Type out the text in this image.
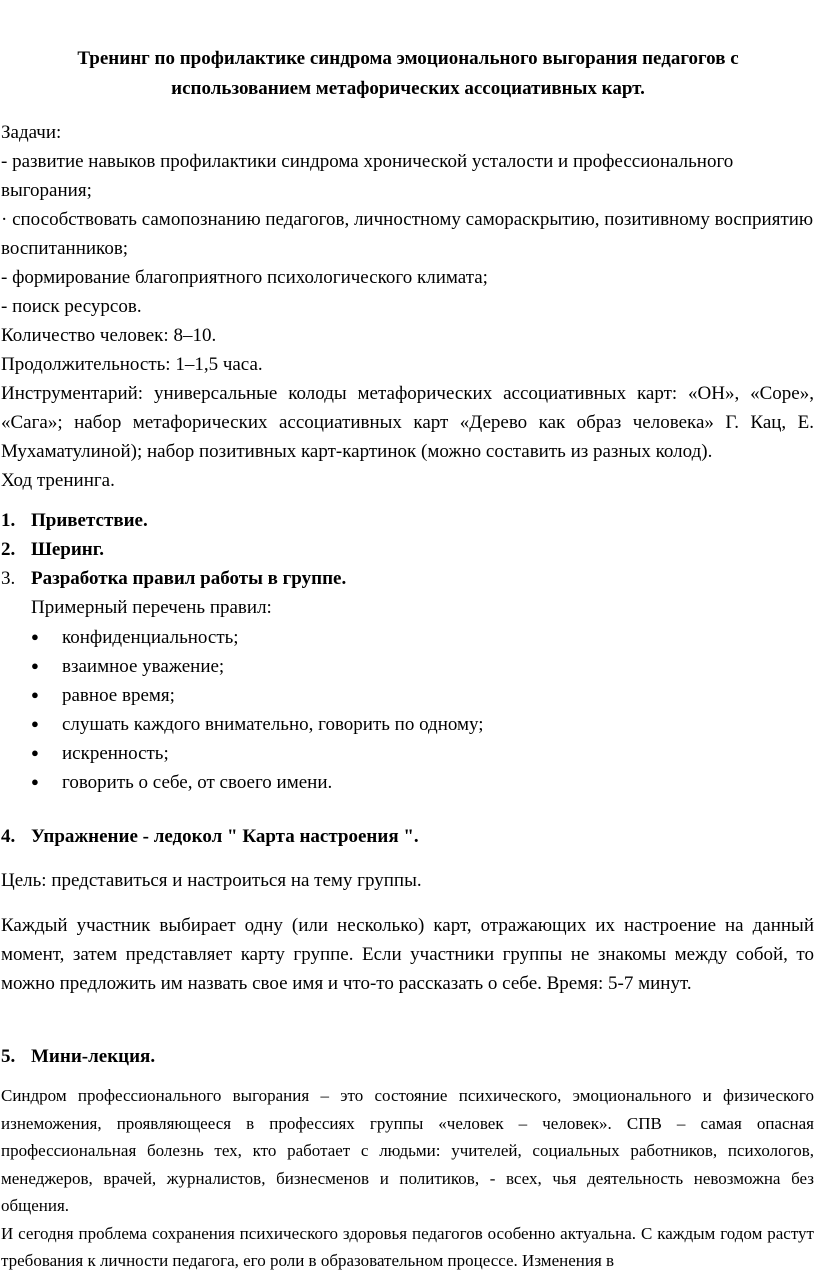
Тренинг по профилактике синдрома эмоционального выгорания педагогов с
использованием метафорических ассоциативных карт.

Задачи:

- развитие навыков профилактики синдрома хронической усталости и профессионального выгорания;

· способствовать самопознанию педагогов, личностному самораскрытию, позитивному восприятию воспитанников;

- формирование благоприятного психологического климата;

- поиск ресурсов.

Количество человек: 8–10.

Продолжительность: 1–1,5 часа.

Инструментарий: универсальные колоды метафорических ассоциативных карт: «ОН», «Соре», «Сага»; набор метафорических ассоциативных карт «Дерево как образ человека» Г. Кац, Е. Мухаматулиной); набор позитивных карт-картинок (можно составить из разных колод).

Ход тренинга.

1. Приветствие.
2. Шеринг.
3. Разработка правил работы в группе.
Примерный перечень правил:
● конфиденциальность;
● взаимное уважение;
● равное время;
● слушать каждого внимательно, говорить по одному;
● искренность;
● говорить о себе, от своего имени.
4. Упражнение - ледокол " Карта настроения ".
Цель: представиться и настроиться на тему группы.
Каждый участник выбирает одну (или несколько) карт, отражающих их настроение на данный момент, затем представляет карту группе. Если участники группы не знакомы между собой, то можно предложить им назвать свое имя и что-то рассказать о себе. Время: 5-7 минут.
5. Мини-лекция.

Синдром профессионального выгорания – это состояние психического, эмоционального и физического изнеможения, проявляющееся в профессиях группы «человек – человек». СПВ – самая опасная профессиональная болезнь тех, кто работает с людьми: учителей, социальных работников, психологов, менеджеров, врачей, журналистов, бизнесменов и политиков, - всех, чья деятельность невозможна без общения.

И сегодня проблема сохранения психического здоровья педагогов особенно актуальна. С каждым годом растут требования к личности педагога, его роли в образовательном процессе. Изменения в
